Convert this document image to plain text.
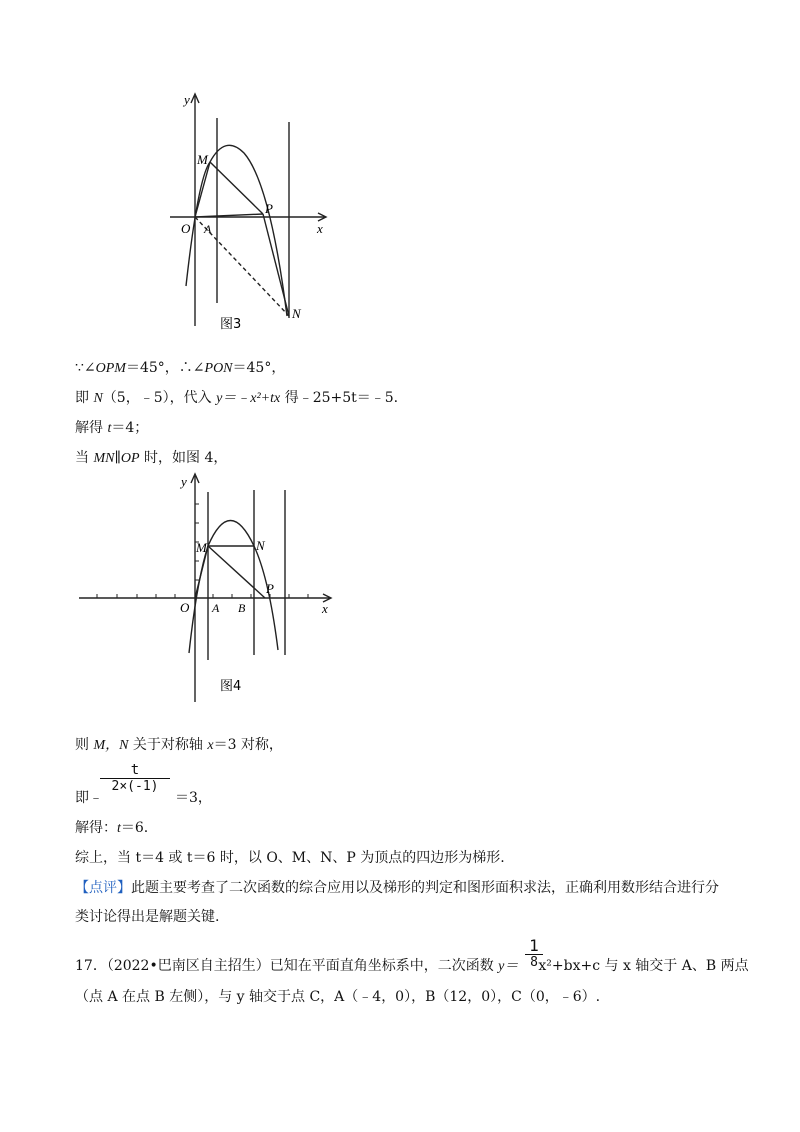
y
x
O A
M
P
N
图3
∵∠OPM＝45°，∴∠PON＝45°，
即 N（5，﹣5），代入 y＝﹣x²+tx 得﹣25+5t＝﹣5.
解得 t＝4；
当 MN∥OP 时，如图 4，
y
x
O A B
M	N
P
图4
则 M，N 关于对称轴 x＝3 对称，
$\frac{t}{2\times(-1)}$
即﹣	＝3，
解得：t＝6.
综上，当 t＝4 或 t＝6 时，以 O、M、N、P 为顶点的四边形为梯形.
【点评】此题主要考查了二次函数的综合应用以及梯形的判定和图形面积求法，正确利用数形结合进行分
类讨论得出是解题关键.
1
8
17．（2022•巴南区自主招生）已知在平面直角坐标系中，二次函数 y＝ x²+bx+c 与 x 轴交于 A、B 两点
（点 A 在点 B 左侧），与 y 轴交于点 C，A（﹣4，0），B（12，0），C（0，﹣6）.
